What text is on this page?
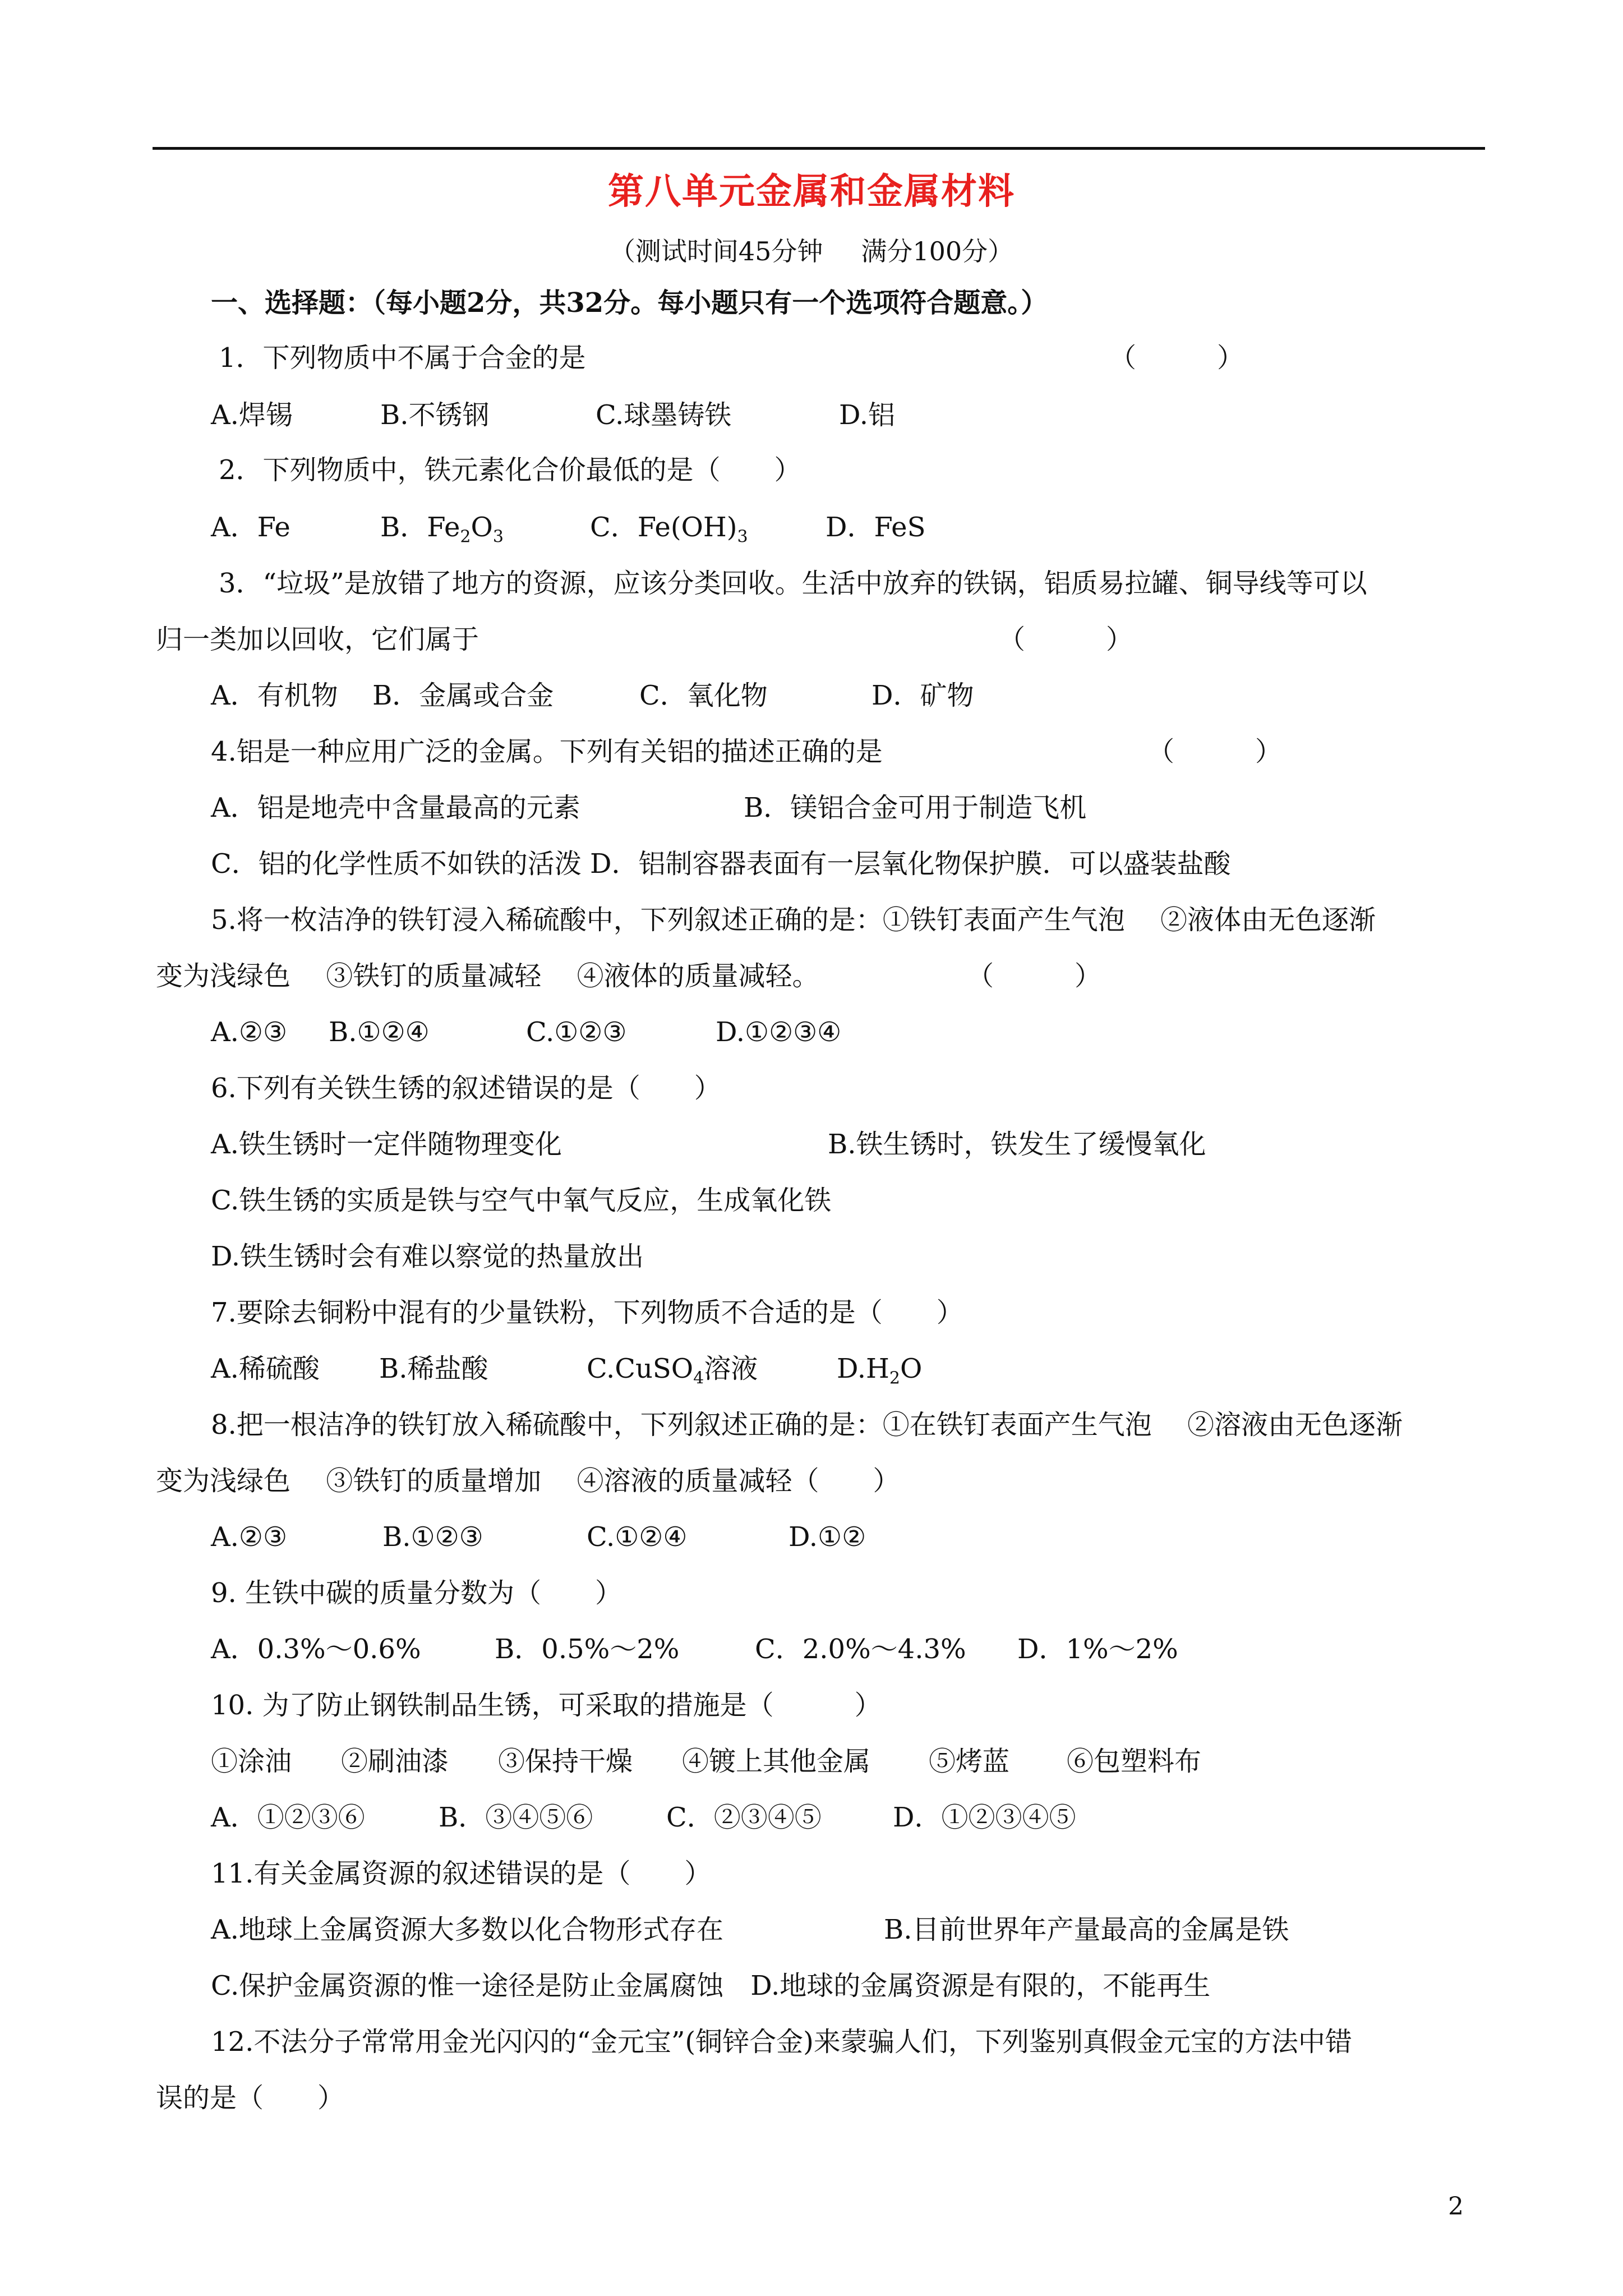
第八单元金属和金属材料
（测试时间45分钟 满分100分）
一、选择题：（每小题2分，共32分。每小题只有一个选项符合题意。）
1．下列物质中不属于合金的是	（　　　）
A.焊锡	B.不锈钢	C.球墨铸铁	D.铝
2．下列物质中，铁元素化合价最低的是（　　）
A．Fe	B．$Fe_2O_3$	C．$Fe(OH)_3$	D．FeS
3．“垃圾”是放错了地方的资源，应该分类回收。生活中放弃的铁锅，铝质易拉罐、铜导线等可以
归一类加以回收，它们属于	（　　　）
A．有机物 B．金属或合金	C．氧化物	D．矿物
4.铝是一种应用广泛的金属。下列有关铝的描述正确的是	（　　　）
A．铝是地壳中含量最高的元素	B．镁铝合金可用于制造飞机
C．铝的化学性质不如铁的活泼 D．铝制容器表面有一层氧化物保护膜．可以盛装盐酸
5.将一枚洁净的铁钉浸入稀硫酸中，下列叙述正确的是：①铁钉表面产生气泡　 ②液体由无色逐渐
变为浅绿色　 ③铁钉的质量减轻　 ④液体的质量减轻。	（　　　）
A.②③ B.①②④	C.①②③	D.①②③④
6.下列有关铁生锈的叙述错误的是（　　）
A.铁生锈时一定伴随物理变化	B.铁生锈时，铁发生了缓慢氧化
C.铁生锈的实质是铁与空气中氧气反应，生成氧化铁
D.铁生锈时会有难以察觉的热量放出
7.要除去铜粉中混有的少量铁粉，下列物质不合适的是（　　）
A.稀硫酸 B.稀盐酸	C.CuSO$_4$溶液	$D.H_2O$
8.把一根洁净的铁钉放入稀硫酸中，下列叙述正确的是：①在铁钉表面产生气泡　 ②溶液由无色逐渐
变为浅绿色　 ③铁钉的质量增加　 ④溶液的质量减轻（　　）
A.②③	B.①②③	C.①②④	D.①②
9. 生铁中碳的质量分数为（　　）
A．0.3%～0.6%	B．0.5%～2%	C．2.0%～4.3% D．1%～2%
10. 为了防止钢铁制品生锈，可采取的措施是（　　　）
①涂油 ②刷油漆 ③保持干燥 ④镀上其他金属 ⑤烤蓝 ⑥包塑料布
A．①②③⑥	B．③④⑤⑥	C．②③④⑤	D．①②③④⑤
11.有关金属资源的叙述错误的是（　　）
A.地球上金属资源大多数以化合物形式存在	B.目前世界年产量最高的金属是铁
C.保护金属资源的惟一途径是防止金属腐蚀　D.地球的金属资源是有限的，不能再生
12.不法分子常常用金光闪闪的“金元宝”(铜锌合金)来蒙骗人们，下列鉴别真假金元宝的方法中错
误的是（　　）
2
